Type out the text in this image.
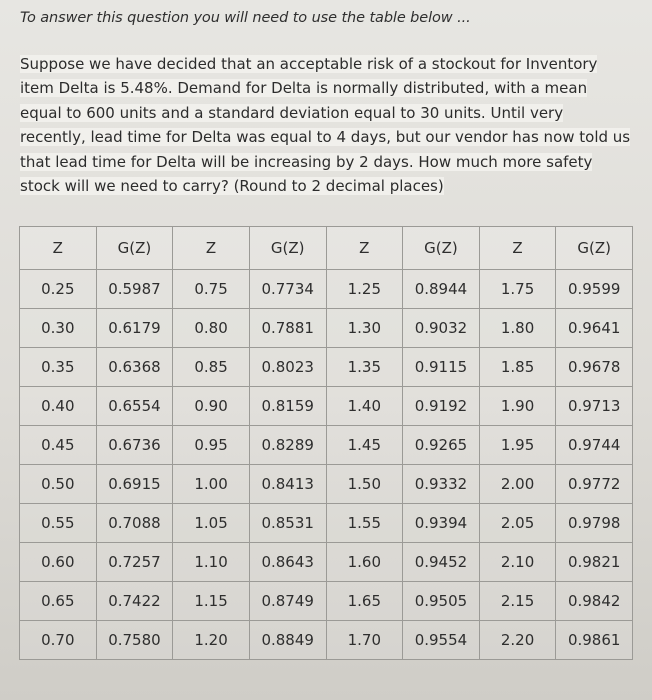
To answer this question you will need to use the table below ...
Suppose we have decided that an acceptable risk of a stockout for Inventory item Delta is 5.48%. Demand for Delta is normally distributed, with a mean equal to 600 units and a standard deviation equal to 30 units. Until very recently, lead time for Delta was equal to 4 days, but our vendor has now told us that lead time for Delta will be increasing by 2 days. How much more safety stock will we need to carry? (Round to 2 decimal places)
Z	G(Z)	Z	G(Z)	Z	G(Z)	Z	G(Z)
0.25	0.5987	0.75	0.7734	1.25	0.8944	1.75	0.9599
0.30	0.6179	0.80	0.7881	1.30	0.9032	1.80	0.9641
0.35	0.6368	0.85	0.8023	1.35	0.9115	1.85	0.9678
0.40	0.6554	0.90	0.8159	1.40	0.9192	1.90	0.9713
0.45	0.6736	0.95	0.8289	1.45	0.9265	1.95	0.9744
0.50	0.6915	1.00	0.8413	1.50	0.9332	2.00	0.9772
0.55	0.7088	1.05	0.8531	1.55	0.9394	2.05	0.9798
0.60	0.7257	1.10	0.8643	1.60	0.9452	2.10	0.9821
0.65	0.7422	1.15	0.8749	1.65	0.9505	2.15	0.9842
0.70	0.7580	1.20	0.8849	1.70	0.9554	2.20	0.9861
